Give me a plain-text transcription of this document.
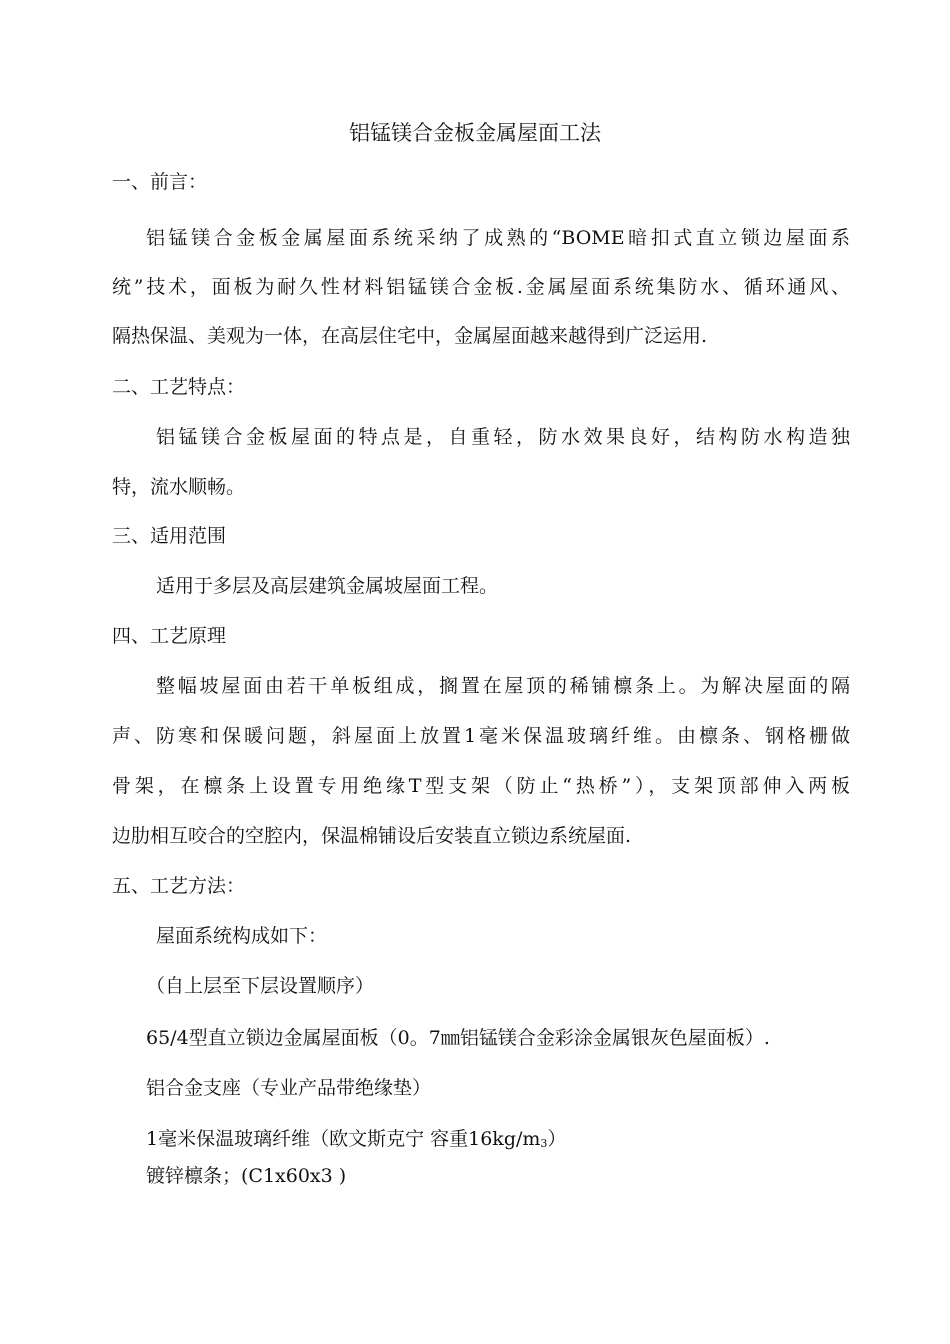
铝锰镁合金板金属屋面工法
一、前言：
铝锰镁合金板金属屋面系统采纳了成熟的“BOME暗扣式直立锁边屋面系
统”技术，面板为耐久性材料铝锰镁合金板.金属屋面系统集防水、循环通风、
隔热保温、美观为一体，在高层住宅中，金属屋面越来越得到广泛运用.
二、工艺特点：
铝锰镁合金板屋面的特点是，自重轻，防水效果良好，结构防水构造独
特，流水顺畅。
三、适用范围
适用于多层及高层建筑金属坡屋面工程。
四、工艺原理
整幅坡屋面由若干单板组成，搁置在屋顶的稀铺檩条上。为解决屋面的隔
声、防寒和保暖问题，斜屋面上放置1毫米保温玻璃纤维。由檩条、钢格栅做
骨架，在檩条上设置专用绝缘T型支架（防止“热桥”），支架顶部伸入两板
边肋相互咬合的空腔内，保温棉铺设后安装直立锁边系统屋面.
五、工艺方法：
屋面系统构成如下：
（自上层至下层设置顺序）
65/4型直立锁边金属屋面板（0。7㎜铝锰镁合金彩涂金属银灰色屋面板）.
铝合金支座（专业产品带绝缘垫）
1毫米保温玻璃纤维（欧文斯克宁 容重16kg/m3）
镀锌檩条；(C1x60x3 )
